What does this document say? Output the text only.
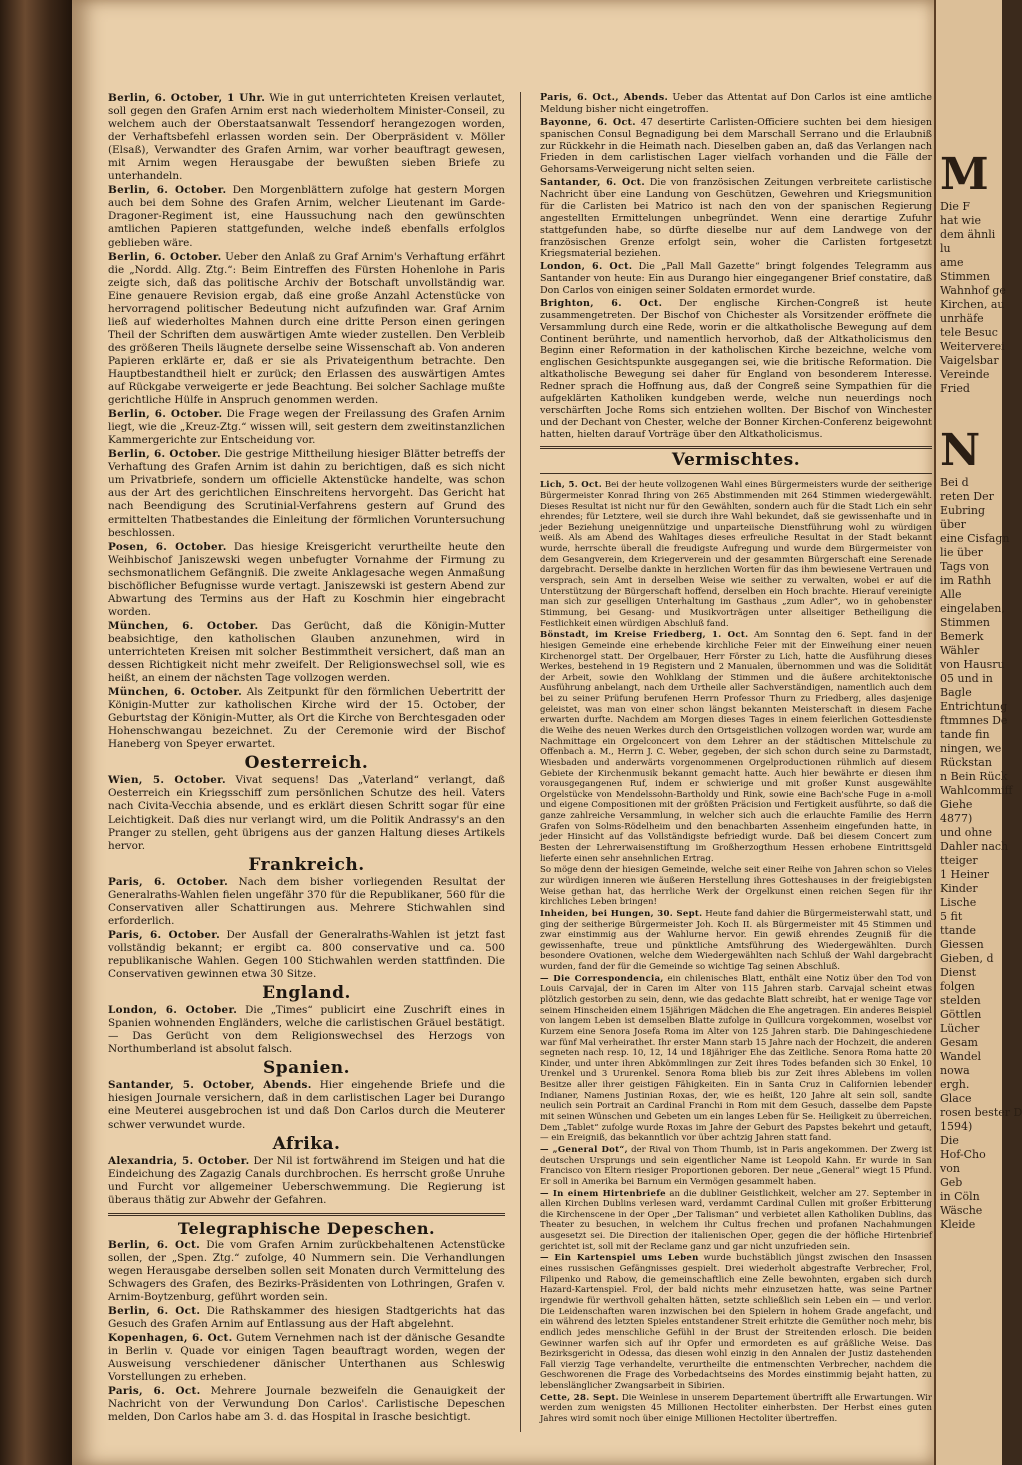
Berlin, 6. October, 1 Uhr. Wie in gut unterrichteten Kreisen verlautet, soll gegen den Grafen Arnim erst nach wiederholtem Minister-Conseil, zu welchem auch der Oberstaatsanwalt Tessendorf herangezogen worden, der Verhaftsbefehl erlassen worden sein. Der Oberpräsident v. Möller (Elsaß), Verwandter des Grafen Arnim, war vorher beauftragt gewesen, mit Arnim wegen Herausgabe der bewußten sieben Briefe zu unterhandeln.

Berlin, 6. October. Den Morgenblättern zufolge hat gestern Morgen auch bei dem Sohne des Grafen Arnim, welcher Lieutenant im Garde-Dragoner-Regiment ist, eine Haussuchung nach den gewünschten amtlichen Papieren stattgefunden, welche indeß ebenfalls erfolglos geblieben wäre.

Berlin, 6. October. Ueber den Anlaß zu Graf Arnim's Verhaftung erfährt die „Nordd. Allg. Ztg.“: Beim Eintreffen des Fürsten Hohenlohe in Paris zeigte sich, daß das politische Archiv der Botschaft unvollständig war. Eine genauere Revision ergab, daß eine große Anzahl Actenstücke von hervorragend politischer Bedeutung nicht aufzufinden war. Graf Arnim ließ auf wiederholtes Mahnen durch eine dritte Person einen geringen Theil der Schriften dem auswärtigen Amte wieder zustellen. Den Verbleib des größeren Theils läugnete derselbe seine Wissenschaft ab. Von anderen Papieren erklärte er, daß er sie als Privateigenthum betrachte. Den Hauptbestandtheil hielt er zurück; den Erlassen des auswärtigen Amtes auf Rückgabe verweigerte er jede Beachtung. Bei solcher Sachlage mußte gerichtliche Hülfe in Anspruch genommen werden.

Berlin, 6. October. Die Frage wegen der Freilassung des Grafen Arnim liegt, wie die „Kreuz-Ztg.“ wissen will, seit gestern dem zweitinstanzlichen Kammergerichte zur Entscheidung vor.

Berlin, 6. October. Die gestrige Mittheilung hiesiger Blätter betreffs der Verhaftung des Grafen Arnim ist dahin zu berichtigen, daß es sich nicht um Privatbriefe, sondern um officielle Aktenstücke handelte, was schon aus der Art des gerichtlichen Einschreitens hervorgeht. Das Gericht hat nach Beendigung des Scrutinial-Verfahrens gestern auf Grund des ermittelten Thatbestandes die Einleitung der förmlichen Voruntersuchung beschlossen.

Posen, 6. October. Das hiesige Kreisgericht verurtheilte heute den Weihbischof Janiszewski wegen unbefugter Vornahme der Firmung zu sechsmonatlichem Gefängniß. Die zweite Anklagesache wegen Anmaßung bischöflicher Befugnisse wurde vertagt. Janiszewski ist gestern Abend zur Abwartung des Termins aus der Haft zu Koschmin hier eingebracht worden.

München, 6. October. Das Gerücht, daß die Königin-Mutter beabsichtige, den katholischen Glauben anzunehmen, wird in unterrichteten Kreisen mit solcher Bestimmtheit versichert, daß man an dessen Richtigkeit nicht mehr zweifelt. Der Religionswechsel soll, wie es heißt, an einem der nächsten Tage vollzogen werden.

München, 6. October. Als Zeitpunkt für den förmlichen Uebertritt der Königin-Mutter zur katholischen Kirche wird der 15. October, der Geburtstag der Königin-Mutter, als Ort die Kirche von Berchtesgaden oder Hohenschwangau bezeichnet. Zu der Ceremonie wird der Bischof Haneberg von Speyer erwartet.

Oesterreich.

Wien, 5. October. Vivat sequens! Das „Vaterland“ verlangt, daß Oesterreich ein Kriegsschiff zum persönlichen Schutze des heil. Vaters nach Civita-Vecchia absende, und es erklärt diesen Schritt sogar für eine Leichtigkeit. Daß dies nur verlangt wird, um die Politik Andrassy's an den Pranger zu stellen, geht übrigens aus der ganzen Haltung dieses Artikels hervor.

Frankreich.

Paris, 6. October. Nach dem bisher vorliegenden Resultat der Generalraths-Wahlen fielen ungefähr 370 für die Republikaner, 560 für die Conservativen aller Schattirungen aus. Mehrere Stichwahlen sind erforderlich.

Paris, 6. October. Der Ausfall der Generalraths-Wahlen ist jetzt fast vollständig bekannt; er ergibt ca. 800 conservative und ca. 500 republikanische Wahlen. Gegen 100 Stichwahlen werden stattfinden. Die Conservativen gewinnen etwa 30 Sitze.

England.

London, 6. October. Die „Times“ publicirt eine Zuschrift eines in Spanien wohnenden Engländers, welche die carlistischen Gräuel bestätigt. — Das Gerücht von dem Religionswechsel des Herzogs von Northumberland ist absolut falsch.

Spanien.

Santander, 5. October, Abends. Hier eingehende Briefe und die hiesigen Journale versichern, daß in dem carlistischen Lager bei Durango eine Meuterei ausgebrochen ist und daß Don Carlos durch die Meuterer schwer verwundet wurde.

Afrika.

Alexandria, 5. October. Der Nil ist fortwährend im Steigen und hat die Eindeichung des Zagazig Canals durchbrochen. Es herrscht große Unruhe und Furcht vor allgemeiner Ueberschwemmung. Die Regierung ist überaus thätig zur Abwehr der Gefahren.

Telegraphische Depeschen.

Berlin, 6. Oct. Die vom Grafen Arnim zurückbehaltenen Actenstücke sollen, der „Spen. Ztg.“ zufolge, 40 Nummern sein. Die Verhandlungen wegen Herausgabe derselben sollen seit Monaten durch Vermittelung des Schwagers des Grafen, des Bezirks-Präsidenten von Lothringen, Grafen v. Arnim-Boytzenburg, geführt worden sein.

Berlin, 6. Oct. Die Rathskammer des hiesigen Stadtgerichts hat das Gesuch des Grafen Arnim auf Entlassung aus der Haft abgelehnt.

Kopenhagen, 6. Oct. Gutem Vernehmen nach ist der dänische Gesandte in Berlin v. Quade vor einigen Tagen beauftragt worden, wegen der Ausweisung verschiedener dänischer Unterthanen aus Schleswig Vorstellungen zu erheben.

Paris, 6. Oct. Mehrere Journale bezweifeln die Genauigkeit der Nachricht von der Verwundung Don Carlos'. Carlistische Depeschen melden, Don Carlos habe am 3. d. das Hospital in Irasche besichtigt.

Paris, 6. Oct., Abends. Ueber das Attentat auf Don Carlos ist eine amtliche Meldung bisher nicht eingetroffen.

Bayonne, 6. Oct. 47 desertirte Carlisten-Officiere suchten bei dem hiesigen spanischen Consul Begnadigung bei dem Marschall Serrano und die Erlaubniß zur Rückkehr in die Heimath nach. Dieselben gaben an, daß das Verlangen nach Frieden in dem carlistischen Lager vielfach vorhanden und die Fälle der Gehorsams-Verweigerung nicht selten seien.

Santander, 6. Oct. Die von französischen Zeitungen verbreitete carlistische Nachricht über eine Landung von Geschützen, Gewehren und Kriegsmunition für die Carlisten bei Matrico ist nach den von der spanischen Regierung angestellten Ermittelungen unbegründet. Wenn eine derartige Zufuhr stattgefunden habe, so dürfte dieselbe nur auf dem Landwege von der französischen Grenze erfolgt sein, woher die Carlisten fortgesetzt Kriegsmaterial beziehen.

London, 6. Oct. Die „Pall Mall Gazette“ bringt folgendes Telegramm aus Santander von heute: Ein aus Durango hier eingegangener Brief constatire, daß Don Carlos von einigen seiner Soldaten ermordet wurde.

Brighton, 6. Oct. Der englische Kirchen-Congreß ist heute zusammengetreten. Der Bischof von Chichester als Vorsitzender eröffnete die Versammlung durch eine Rede, worin er die altkatholische Bewegung auf dem Continent berührte, und namentlich hervorhob, daß der Altkatholicismus den Beginn einer Reformation in der katholischen Kirche bezeichne, welche vom englischen Gesichtspunkte ausgegangen sei, wie die britische Reformation. Die altkatholische Bewegung sei daher für England von besonderem Interesse. Redner sprach die Hoffnung aus, daß der Congreß seine Sympathien für die aufgeklärten Katholiken kundgeben werde, welche nun neuerdings noch verschärften Joche Roms sich entziehen wollten. Der Bischof von Winchester und der Dechant von Chester, welche der Bonner Kirchen-Conferenz beigewohnt hatten, hielten darauf Vorträge über den Altkatholicismus.

Vermischtes.

Lich, 5. Oct. Bei der heute vollzogenen Wahl eines Bürgermeisters wurde der seitherige Bürgermeister Konrad Ihring von 265 Abstimmenden mit 264 Stimmen wiedergewählt. Dieses Resultat ist nicht nur für den Gewählten, sondern auch für die Stadt Lich ein sehr ehrendes; für Letztere, weil sie durch ihre Wahl bekundet, daß sie gewissenhafte und in jeder Beziehung uneigennützige und unparteiische Dienstführung wohl zu würdigen weiß. Als am Abend des Wahltages dieses erfreuliche Resultat in der Stadt bekannt wurde, herrschte überall die freudigste Aufregung und wurde dem Bürgermeister von dem Gesangverein, dem Kriegerverein und der gesammten Bürgerschaft eine Serenade dargebracht. Derselbe dankte in herzlichen Worten für das ihm bewiesene Vertrauen und versprach, sein Amt in derselben Weise wie seither zu verwalten, wobei er auf die Unterstützung der Bürgerschaft hoffend, derselben ein Hoch brachte. Hierauf vereinigte man sich zur geselligen Unterhaltung im Gasthaus „zum Adler“, wo in gehobenster Stimmung, bei Gesang- und Musikvorträgen unter allseitiger Betheiligung die Festlichkeit einen würdigen Abschluß fand.

Bönstadt, im Kreise Friedberg, 1. Oct. Am Sonntag den 6. Sept. fand in der hiesigen Gemeinde eine erhebende kirchliche Feier mit der Einweihung einer neuen Kirchenorgel statt. Der Orgelbauer, Herr Förster zu Lich, hatte die Ausführung dieses Werkes, bestehend in 19 Registern und 2 Manualen, übernommen und was die Solidität der Arbeit, sowie den Wohlklang der Stimmen und die äußere architektonische Ausführung anbelangt, nach dem Urtheile aller Sachverständigen, namentlich auch dem bei zu seiner Prüfung berufenen Herrn Professor Thurn zu Friedberg, alles dasjenige geleistet, was man von einer schon längst bekannten Meisterschaft in diesem Fache erwarten durfte. Nachdem am Morgen dieses Tages in einem feierlichen Gottesdienste die Weihe des neuen Werkes durch den Ortsgeistlichen vollzogen worden war, wurde am Nachmittage ein Orgelconcert von dem Lehrer an der städtischen Mittelschule zu Offenbach a. M., Herrn J. C. Weber, gegeben, der sich schon durch seine zu Darmstadt, Wiesbaden und anderwärts vorgenommenen Orgelproductionen rühmlich auf diesem Gebiete der Kirchenmusik bekannt gemacht hatte. Auch hier bewährte er diesen ihm vorausgegangenen Ruf, indem er schwierige und mit großer Kunst ausgewählte Orgelstücke von Mendelssohn-Bartholdy und Rink, sowie eine Bach'sche Fuge in a-moll und eigene Compositionen mit der größten Präcision und Fertigkeit ausführte, so daß die ganze zahlreiche Versammlung, in welcher sich auch die erlauchte Familie des Herrn Grafen von Solms-Rödelheim und den benachbarten Assenheim eingefunden hatte, in jeder Hinsicht auf das Vollständigste befriedigt wurde. Daß bei diesem Concert zum Besten der Lehrerwaisenstiftung im Großherzogthum Hessen erhobene Eintrittsgeld lieferte einen sehr ansehnlichen Ertrag.

So möge denn der hiesigen Gemeinde, welche seit einer Reihe von Jahren schon so Vieles zur würdigen inneren wie äußeren Herstellung ihres Gotteshauses in der freigiebigsten Weise gethan hat, das herrliche Werk der Orgelkunst einen reichen Segen für ihr kirchliches Leben bringen!

Inheiden, bei Hungen, 30. Sept. Heute fand dahier die Bürgermeisterwahl statt, und ging der seitherige Bürgermeister Joh. Koch II. als Bürgermeister mit 45 Stimmen und zwar einstimmig aus der Wahlurne hervor. Ein gewiß ehrendes Zeugniß für die gewissenhafte, treue und pünktliche Amtsführung des Wiedergewählten. Durch besondere Ovationen, welche dem Wiedergewählten nach Schluß der Wahl dargebracht wurden, fand der für die Gemeinde so wichtige Tag seinen Abschluß.

— Die Correspondencia, ein chilenisches Blatt, enthält eine Notiz über den Tod von Louis Carvajal, der in Caren im Alter von 115 Jahren starb. Carvajal scheint etwas plötzlich gestorben zu sein, denn, wie das gedachte Blatt schreibt, hat er wenige Tage vor seinem Hinscheiden einem 15jährigen Mädchen die Ehe angetragen. Ein anderes Beispiel von langem Leben ist demselben Blatte zufolge in Quillcura vorgekommen, woselbst vor Kurzem eine Senora Josefa Roma im Alter von 125 Jahren starb. Die Dahingeschiedene war fünf Mal verheirathet. Ihr erster Mann starb 15 Jahre nach der Hochzeit, die anderen segneten nach resp. 10, 12, 14 und 18jähriger Ehe das Zeitliche. Senora Roma hatte 20 Kinder, und unter ihren Abkömmlingen zur Zeit ihres Todes befanden sich 30 Enkel, 10 Urenkel und 3 Ururenkel. Senora Roma blieb bis zur Zeit ihres Ablebens im vollen Besitze aller ihrer geistigen Fähigkeiten. Ein in Santa Cruz in Californien lebender Indianer, Namens Justinian Roxas, der, wie es heißt, 120 Jahre alt sein soll, sandte neulich sein Portrait an Cardinal Franchi in Rom mit dem Gesuch, dasselbe dem Papste mit seinen Wünschen und Gebeten um ein langes Leben für Se. Heiligkeit zu überreichen. Dem „Tablet“ zufolge wurde Roxas im Jahre der Geburt des Papstes bekehrt und getauft, — ein Ereigniß, das bekanntlich vor über achtzig Jahren statt fand.

— „General Dot“, der Rival von Thom Thumb, ist in Paris angekommen. Der Zwerg ist deutschen Ursprungs und sein eigentlicher Name ist Leopold Kahn. Er wurde in San Francisco von Eltern riesiger Proportionen geboren. Der neue „General“ wiegt 15 Pfund. Er soll in Amerika bei Barnum ein Vermögen gesammelt haben.

— In einem Hirtenbriefe an die dubliner Geistlichkeit, welcher am 27. September in allen Kirchen Dublins verlesen ward, verdammt Cardinal Cullen mit großer Erbitterung die Kirchenscene in der Oper „Der Talisman“ und verbietet allen Katholiken Dublins, das Theater zu besuchen, in welchem ihr Cultus frechen und profanen Nachahmungen ausgesetzt sei. Die Direction der italienischen Oper, gegen die der höfliche Hirtenbrief gerichtet ist, soll mit der Reclame ganz und gar nicht unzufrieden sein.

— Ein Kartenspiel ums Leben wurde buchstäblich jüngst zwischen den Insassen eines russischen Gefängnisses gespielt. Drei wiederholt abgestrafte Verbrecher, Frol, Filipenko und Rabow, die gemeinschaftlich eine Zelle bewohnten, ergaben sich durch Hazard-Kartenspiel. Frol, der bald nichts mehr einzusetzen hatte, was seine Partner irgendwie für werthvoll gehalten hätten, setzte schließlich sein Leben ein — und verlor. Die Leidenschaften waren inzwischen bei den Spielern in hohem Grade angefacht, und ein während des letzten Spieles entstandener Streit erhitzte die Gemüther noch mehr, bis endlich jedes menschliche Gefühl in der Brust der Streitenden erlosch. Die beiden Gewinner warfen sich auf ihr Opfer und ermordeten es auf gräßliche Weise. Das Bezirksgericht in Odessa, das diesen wohl einzig in den Annalen der Justiz dastehenden Fall vierzig Tage verhandelte, verurtheilte die entmenschten Verbrecher, nachdem die Geschworenen die Frage des Vorbedachtseins des Mordes einstimmig bejaht hatten, zu lebenslänglicher Zwangsarbeit in Sibirien.

Cette, 28. Sept. Die Weinlese in unserem Departement übertrifft alle Erwartungen. Wir werden zum wenigsten 45 Millionen Hectoliter einherbsten. Der Herbst eines guten Jahres wird somit noch über einige Millionen Hectoliter übertreffen.

M
Die F
hat wie
dem ähnli
lu
ame
Stimmen
Wahnhof ge
Kirchen, au
unrhäfe
tele Besuc
Weiterverei
Vaigelsbar
Vereinde
Fried
N
Bei d
reten Der
Eubring
über
eine Cisfagn
lie über
Tags von
im Rathh
Alle
eingelaben,
Stimmen
Bemerk
Wähler
von Hausru
05 und in
Bagle
Entrichtung
ftmmnes De
tande fin
ningen, we
Rückstan
n Bein Rück
Wahlcommiff
Giehe
4877)
und ohne
Dahler nach
tteiger
1 Heiner
Kinder
Lische
5 fit
ttande
Giessen
Gieben, d
Dienst
folgen
stelden
Göttlen
Lücher
Gesam
Wandel
nowa
ergh.
Glace
rosen bester D
1594)
Die
Hof-Cho
von
Geb
in Cöln
Wäsche
Kleide
